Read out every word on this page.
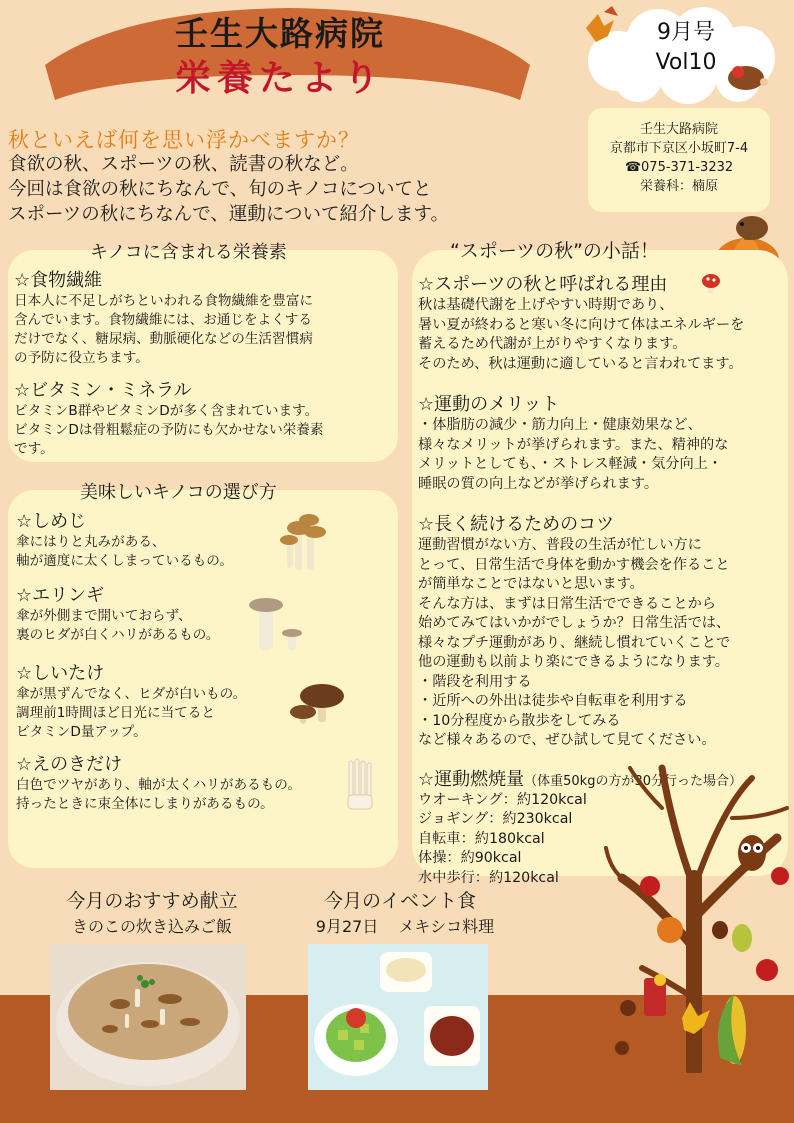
壬生大路病院
栄養たより
9月号
Vol10
壬生大路病院
京都市下京区小坂町7-4
☎075-371-3232
栄養科：楠原
秋といえば何を思い浮かべますか？
食欲の秋、スポーツの秋、読書の秋など。
今回は食欲の秋にちなんで、旬のキノコについてと
スポーツの秋にちなんで、運動について紹介します。
キノコに含まれる栄養素
☆食物繊維
日本人に不足しがちといわれる食物繊維を豊富に
含んでいます。食物繊維には、お通じをよくする
だけでなく、糖尿病、動脈硬化などの生活習慣病
の予防に役立ちます。
☆ビタミン・ミネラル
ビタミンB群やビタミンDが多く含まれています。
ビタミンDは骨粗鬆症の予防にも欠かせない栄養素
です。
美味しいキノコの選び方
☆しめじ
傘にはりと丸みがある、
軸が適度に太くしまっているもの。
☆エリンギ
傘が外側まで開いておらず、
裏のヒダが白くハリがあるもの。
☆しいたけ
傘が黒ずんでなく、ヒダが白いもの。
調理前1時間ほど日光に当てると
ビタミンD量アップ。
☆えのきだけ
白色でツヤがあり、軸が太くハリがあるもの。
持ったときに束全体にしまりがあるもの。
“スポーツの秋”の小話！
☆スポーツの秋と呼ばれる理由
秋は基礎代謝を上げやすい時期であり、
暑い夏が終わると寒い冬に向けて体はエネルギーを
蓄えるため代謝が上がりやすくなります。
そのため、秋は運動に適していると言われてます。
☆運動のメリット
・体脂肪の減少・筋力向上・健康効果など、
様々なメリットが挙げられます。また、精神的な
メリットとしても、・ストレス軽減・気分向上・
睡眠の質の向上などが挙げられます。
☆長く続けるためのコツ
運動習慣がない方、普段の生活が忙しい方に
とって、日常生活で身体を動かす機会を作ること
が簡単なことではないと思います。
そんな方は、まずは日常生活でできることから
始めてみてはいかがでしょうか？日常生活では、
様々なプチ運動があり、継続し慣れていくことで
他の運動も以前より楽にできるようになります。
・階段を利用する
・近所への外出は徒歩や自転車を利用する
・10分程度から散歩をしてみる
など様々あるので、ぜひ試して見てください。
☆運動燃焼量（体重50kgの方が30分行った場合）
ウオーキング：約120kcal
ジョギング：約230kcal
自転車：約180kcal
体操：約90kcal
水中歩行：約120kcal
今月のおすすめ献立
きのこの炊き込みご飯
今月のイベント食
9月27日 メキシコ料理
